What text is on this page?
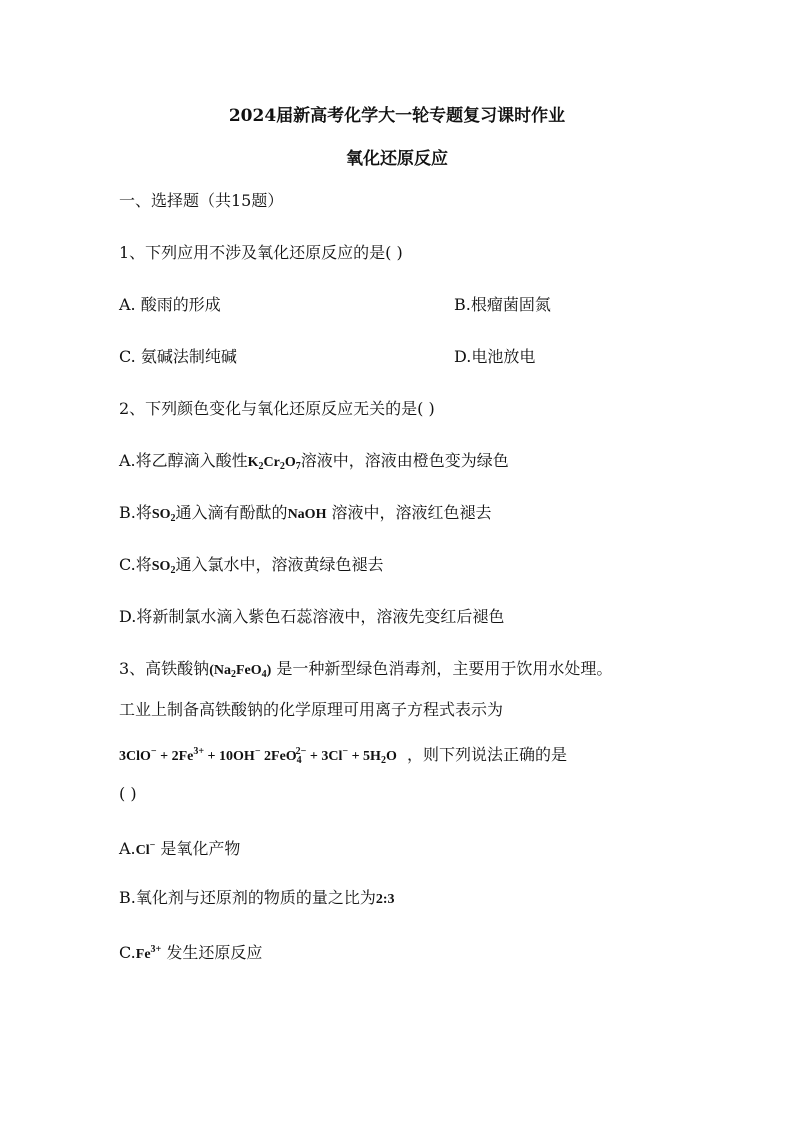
2024届新高考化学大一轮专题复习课时作业
氧化还原反应
一、选择题（共15题）
1、下列应用不涉及氧化还原反应的是( )
A. 酸雨的形成	B.根瘤菌固氮
C. 氨碱法制纯碱	D.电池放电
2、下列颜色变化与氧化还原反应无关的是( )
A.将乙醇滴入酸性$K_2Cr_2O_7$溶液中，溶液由橙色变为绿色
B.将$SO_2$通入滴有酚酞的NaOH 溶液中，溶液红色褪去
C.将$SO_2$通入氯水中，溶液黄绿色褪去
D.将新制氯水滴入紫色石蕊溶液中，溶液先变红后褪色
3、高铁酸钠$(Na_2FeO_4)$ 是一种新型绿色消毒剂，主要用于饮用水处理。
工业上制备高铁酸钠的化学原理可用离子方程式表示为
$3ClO^- + 2Fe^{3+} + 10OH^-$ $2FeO_4^{2-} + 3Cl^- + 5H_2O$ ，则下列说法正确的是
( )
A.Cl− 是氧化产物
B.氧化剂与还原剂的物质的量之比为2:3
$C.Fe^{3+}$ 发生还原反应
